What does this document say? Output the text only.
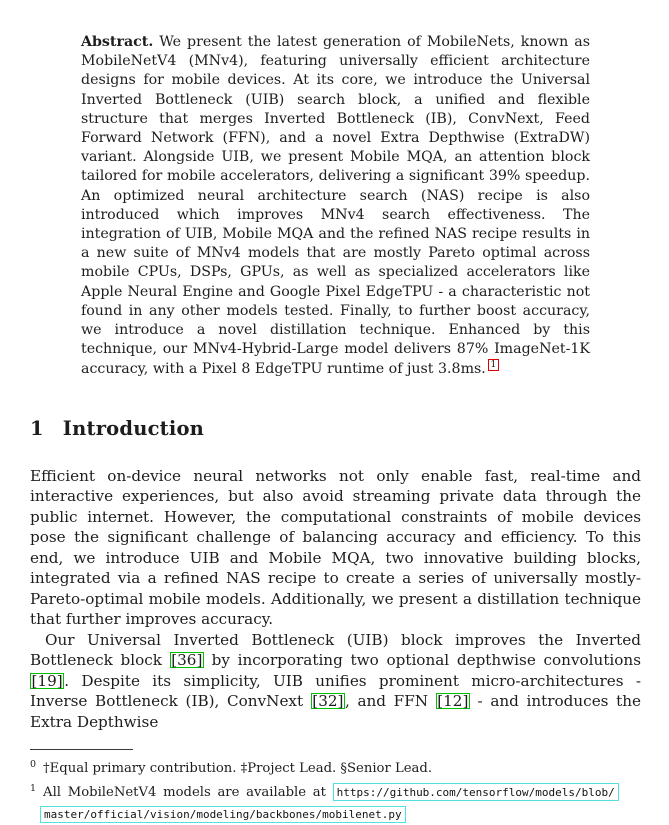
Abstract. We present the latest generation of MobileNets, known as MobileNetV4 (MNv4), featuring universally efficient architecture designs for mobile devices. At its core, we introduce the Universal Inverted Bottleneck (UIB) search block, a unified and flexible structure that merges Inverted Bottleneck (IB), ConvNext, Feed Forward Network (FFN), and a novel Extra Depthwise (ExtraDW) variant. Alongside UIB, we present Mobile MQA, an attention block tailored for mobile accelerators, delivering a significant 39% speedup. An optimized neural architecture search (NAS) recipe is also introduced which improves MNv4 search effectiveness. The integration of UIB, Mobile MQA and the refined NAS recipe results in a new suite of MNv4 models that are mostly Pareto optimal across mobile CPUs, DSPs, GPUs, as well as specialized accelerators like Apple Neural Engine and Google Pixel EdgeTPU - a characteristic not found in any other models tested. Finally, to further boost accuracy, we introduce a novel distillation technique. Enhanced by this technique, our MNv4-Hybrid-Large model delivers 87% ImageNet-1K accuracy, with a Pixel 8 EdgeTPU runtime of just 3.8ms. 1

1 Introduction

Efficient on-device neural networks not only enable fast, real-time and interactive experiences, but also avoid streaming private data through the public internet. However, the computational constraints of mobile devices pose the significant challenge of balancing accuracy and efficiency. To this end, we introduce UIB and Mobile MQA, two innovative building blocks, integrated via a refined NAS recipe to create a series of universally mostly-Pareto-optimal mobile models. Additionally, we present a distillation technique that further improves accuracy.

Our Universal Inverted Bottleneck (UIB) block improves the Inverted Bottleneck block [36] by incorporating two optional depthwise convolutions [19]. Despite its simplicity, UIB unifies prominent micro-architectures - Inverse Bottleneck (IB), ConvNext [32], and FFN [12] - and introduces the Extra Depthwise

$^0$ †Equal primary contribution. ‡Project Lead. §Senior Lead.
$^1$ All MobileNetV4 models are available at https://github.com/tensorflow/models/blob/
master/official/vision/modeling/backbones/mobilenet.py
